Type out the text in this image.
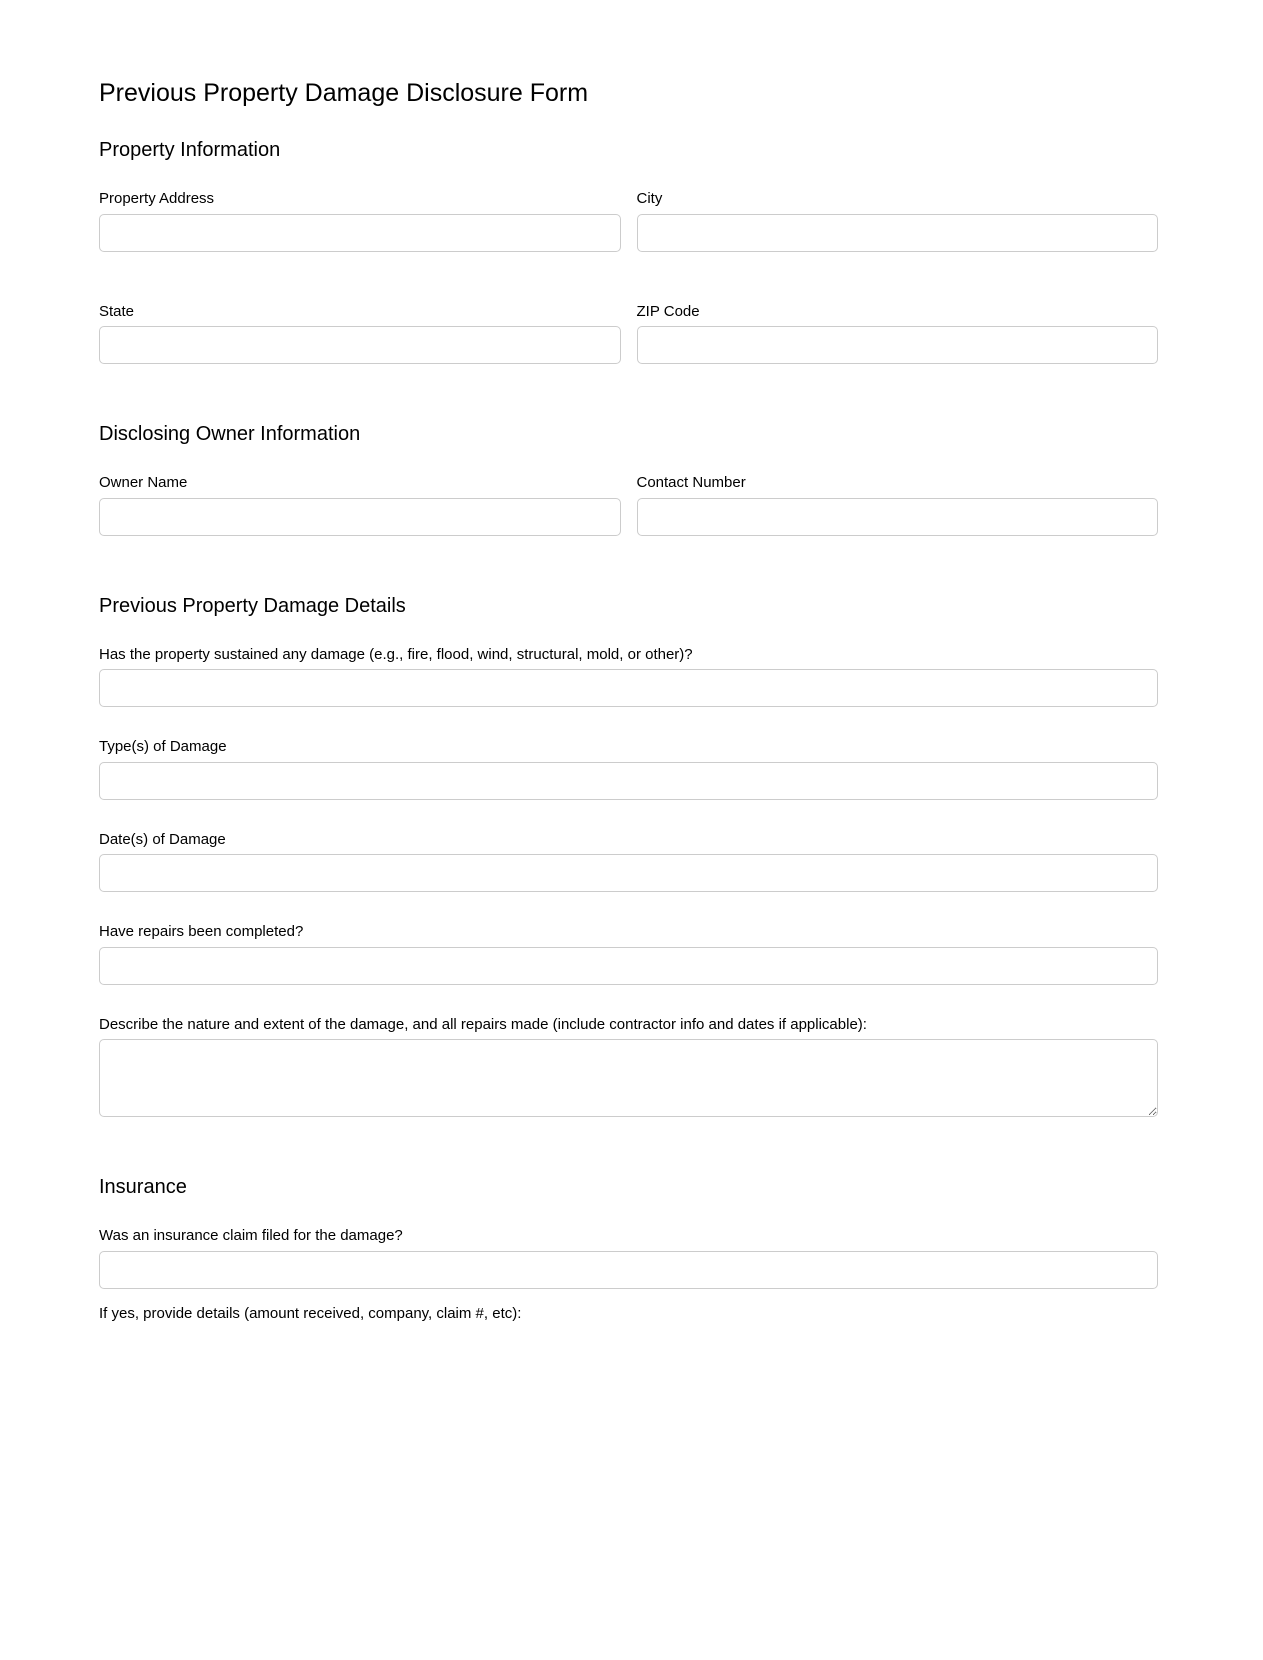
Previous Property Damage Disclosure Form
Property Information
Property Address	City
State	ZIP Code
Disclosing Owner Information
Owner Name	Contact Number
Previous Property Damage Details
Has the property sustained any damage (e.g., fire, flood, wind, structural, mold, or other)?
Type(s) of Damage
Date(s) of Damage
Have repairs been completed?
Describe the nature and extent of the damage, and all repairs made (include contractor info and dates if applicable):
Insurance
Was an insurance claim filed for the damage?
If yes, provide details (amount received, company, claim #, etc):
